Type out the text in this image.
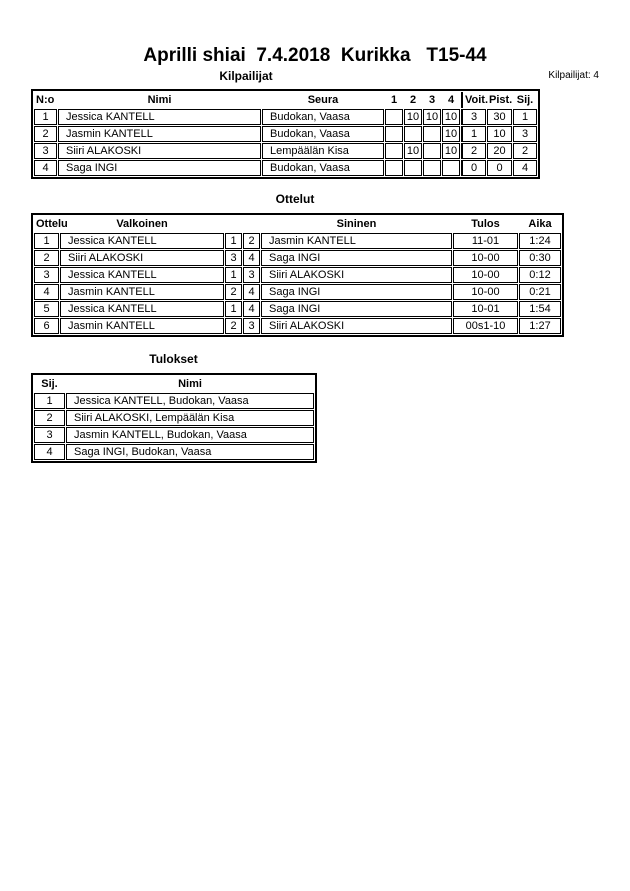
Aprilli shiai  7.4.2018  Kurikka   T15-44
Kilpailijat	Kilpailijat: 4
N:o	Nimi	Seura	1	2	3	4	Voit.	Pist.	Sij.
1	Jessica KANTELL	Budokan, Vaasa		10	10	10	3	30	1
2	Jasmin KANTELL	Budokan, Vaasa				10	1	10	3
3	Siiri ALAKOSKI	Lempäälän Kisa		10		10	2	20	2
4	Saga INGI	Budokan, Vaasa					0	0	4
Ottelut
Ottelu	Valkoinen			Sininen	Tulos	Aika
1	Jessica KANTELL	1	2	Jasmin KANTELL	11-01	1:24
2	Siiri ALAKOSKI	3	4	Saga INGI	10-00	0:30
3	Jessica KANTELL	1	3	Siiri ALAKOSKI	10-00	0:12
4	Jasmin KANTELL	2	4	Saga INGI	10-00	0:21
5	Jessica KANTELL	1	4	Saga INGI	10-01	1:54
6	Jasmin KANTELL	2	3	Siiri ALAKOSKI	00s1-10	1:27
Tulokset
Sij.	Nimi
1	Jessica KANTELL, Budokan, Vaasa
2	Siiri ALAKOSKI, Lempäälän Kisa
3	Jasmin KANTELL, Budokan, Vaasa
4	Saga INGI, Budokan, Vaasa
